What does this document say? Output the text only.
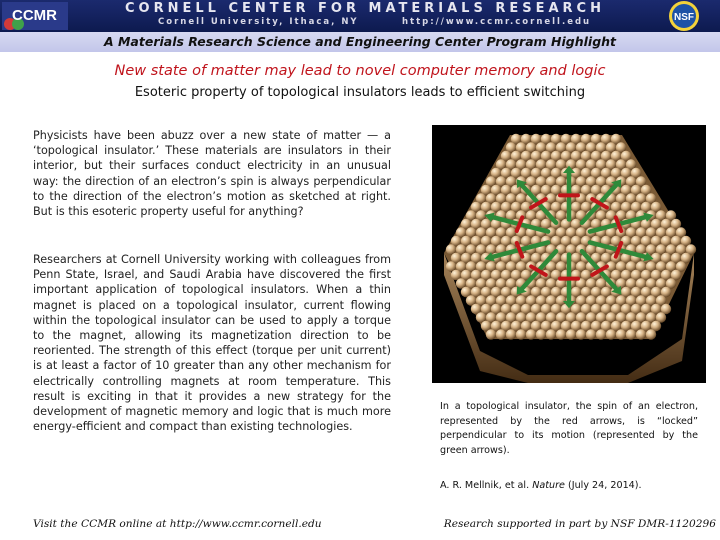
CCMR	CORNELL CENTER FOR MATERIALS RESEARCH
Cornell University, Ithaca, NY	http://www.ccmr.cornell.edu	NSF
A Materials Research Science and Engineering Center Program Highlight
New state of matter may lead to novel computer memory and logic
Esoteric property of topological insulators leads to efficient switching

Physicists have been abuzz over a new state of matter — a ‘topological insulator.’ These materials are insulators in their interior, but their surfaces conduct electricity in an unusual way: the direction of an electron’s spin is always perpendicular to the direction of the electron’s motion as sketched at right. But is this esoteric property useful for anything?

Researchers at Cornell University working with colleagues from Penn State, Israel, and Saudi Arabia have discovered the first important application of topological insulators. When a thin magnet is placed on a topological insulator, current flowing within the topological insulator can be used to apply a torque to the magnet, allowing its magnetization direction to be reoriented. The strength of this effect (torque per unit current) is at least a factor of 10 greater than any other mechanism for electrically controlling magnets at room temperature. This result is exciting in that it provides a new strategy for the development of magnetic memory and logic that is much more energy-efficient and compact than existing technologies.

In a topological insulator, the spin of an electron, represented by the red arrows, is “locked” perpendicular to its motion (represented by the green arrows).

A. R. Mellnik, et al. Nature (July 24, 2014).
Visit the CCMR online at http://www.ccmr.cornell.edu	Research supported in part by NSF DMR-1120296
